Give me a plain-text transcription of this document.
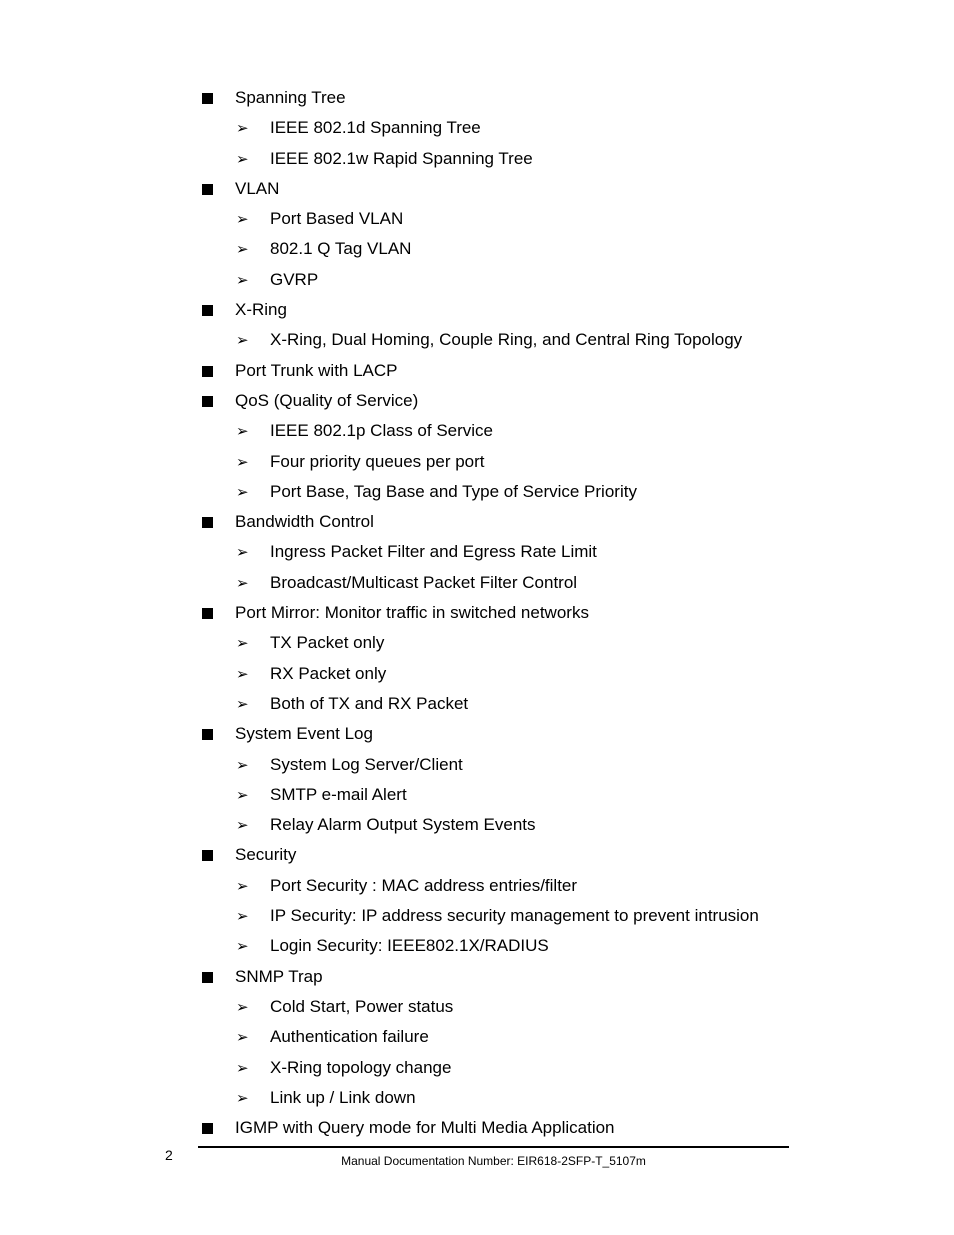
Spanning Tree
➢ IEEE 802.1d Spanning Tree
➢ IEEE 802.1w Rapid Spanning Tree
VLAN
➢ Port Based VLAN
➢ 802.1 Q Tag VLAN
➢ GVRP
X-Ring
➢ X-Ring, Dual Homing, Couple Ring, and Central Ring Topology
Port Trunk with LACP
QoS (Quality of Service)
➢ IEEE 802.1p Class of Service
➢ Four priority queues per port
➢ Port Base, Tag Base and Type of Service Priority
Bandwidth Control
➢ Ingress Packet Filter and Egress Rate Limit
➢ Broadcast/Multicast Packet Filter Control
Port Mirror: Monitor traffic in switched networks
➢ TX Packet only
➢ RX Packet only
➢ Both of TX and RX Packet
System Event Log
➢ System Log Server/Client
➢ SMTP e-mail Alert
➢ Relay Alarm Output System Events
Security
➢ Port Security : MAC address entries/filter
➢ IP Security: IP address security management to prevent intrusion
➢ Login Security: IEEE802.1X/RADIUS
SNMP Trap
➢ Cold Start, Power status
➢ Authentication failure
➢ X-Ring topology change
➢ Link up / Link down
IGMP with Query mode for Multi Media Application
2	Manual Documentation Number: EIR618-2SFP-T_5107m
